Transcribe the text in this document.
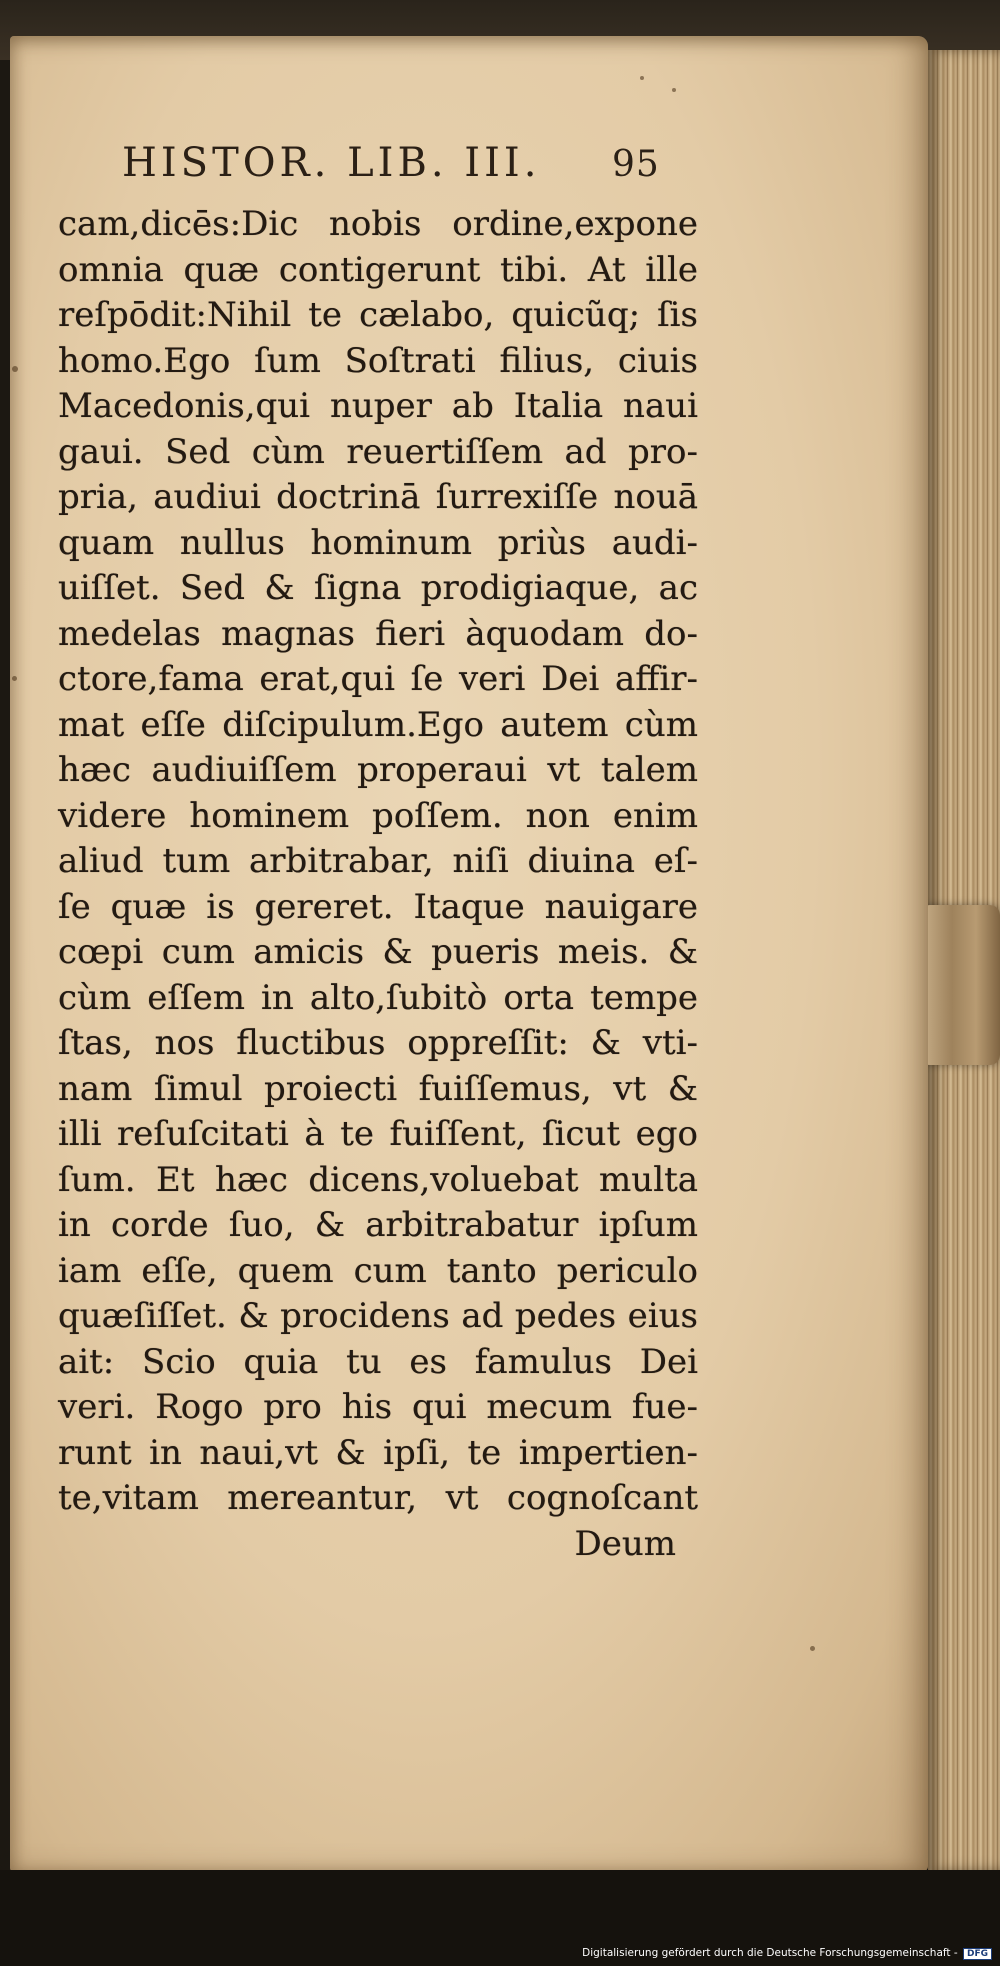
HISTOR. LIB. III. 95
cam,dicēs:Dic nobis ordine,expone
omnia quæ contigerunt tibi. At ille
reſpōdit:Nihil te cælabo, quicũq; ſis
homo.Ego ſum Soſtrati filius, ciuis
Macedonis,qui nuper ab Italia naui
gaui. Sed cùm reuertiſſem ad pro-
pria, audiui doctrinā ſurrexiſſe nouā
quam nullus hominum priùs audi-
uiſſet. Sed & ſigna prodigiaque, ac
medelas magnas fieri àquodam do-
ctore,fama erat,qui ſe veri Dei affir-
mat eſſe diſcipulum.Ego autem cùm
hæc audiuiſſem properaui vt talem
videre hominem poſſem. non enim
aliud tum arbitrabar, niſi diuina eſ-
ſe quæ is gereret. Itaque nauigare
cœpi cum amicis & pueris meis. &
cùm eſſem in alto,ſubitò orta tempe
ſtas, nos fluctibus oppreſſit: & vti-
nam ſimul proiecti fuiſſemus, vt &
illi reſuſcitati à te fuiſſent, ſicut ego
ſum. Et hæc dicens,voluebat multa
in corde ſuo, & arbitrabatur ipſum
iam eſſe, quem cum tanto periculo
quæſiſſet. & procidens ad pedes eius
ait: Scio quia tu es famulus Dei
veri. Rogo pro his qui mecum fue-
runt in naui,vt & ipſi, te impertien-
te,vitam mereantur, vt cognoſcant
Deum
Digitalisierung gefördert durch die Deutsche Forschungsgemeinschaft - DFG
